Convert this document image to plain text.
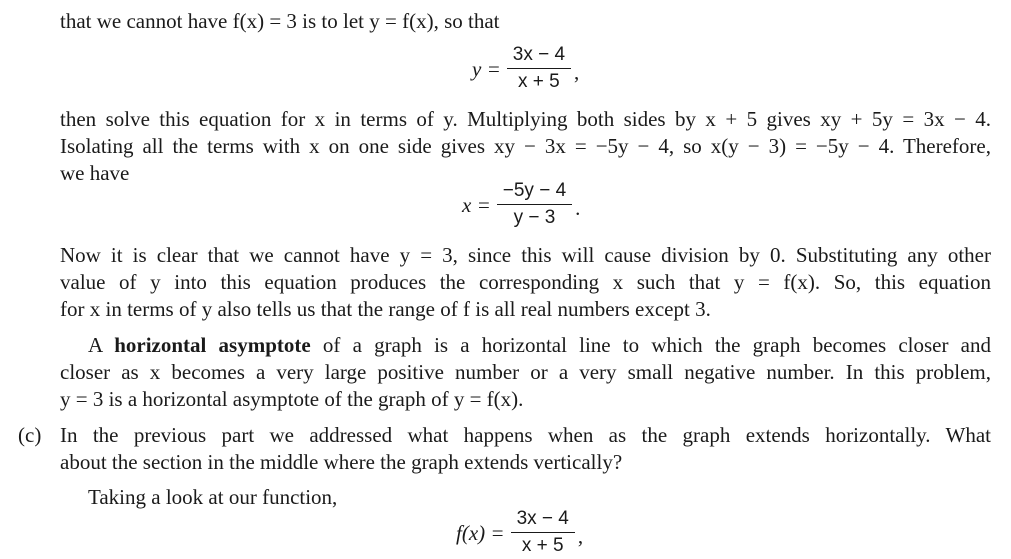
that we cannot have f(x) = 3 is to let y = f(x), so that
$y = \frac{3x - 4}{x + 5}$ ,
then solve this equation for x in terms of y. Multiplying both sides by x + 5 gives xy + 5y = 3x − 4.
Isolating all the terms with x on one side gives xy − 3x = −5y − 4, so x(y − 3) = −5y − 4. Therefore,
we have
$x = \frac{-5y - 4}{y - 3}$ .
Now it is clear that we cannot have y = 3, since this will cause division by 0. Substituting any other
value of y into this equation produces the corresponding x such that y = f(x). So, this equation
for x in terms of y also tells us that the range of f is all real numbers except 3.
A horizontal asymptote of a graph is a horizontal line to which the graph becomes closer and
closer as x becomes a very large positive number or a very small negative number. In this problem,
y = 3 is a horizontal asymptote of the graph of y = f(x).
(c) In the previous part we addressed what happens when as the graph extends horizontally. What
about the section in the middle where the graph extends vertically?
Taking a look at our function,
$f(x) = \frac{3x - 4}{x + 5}$ ,
